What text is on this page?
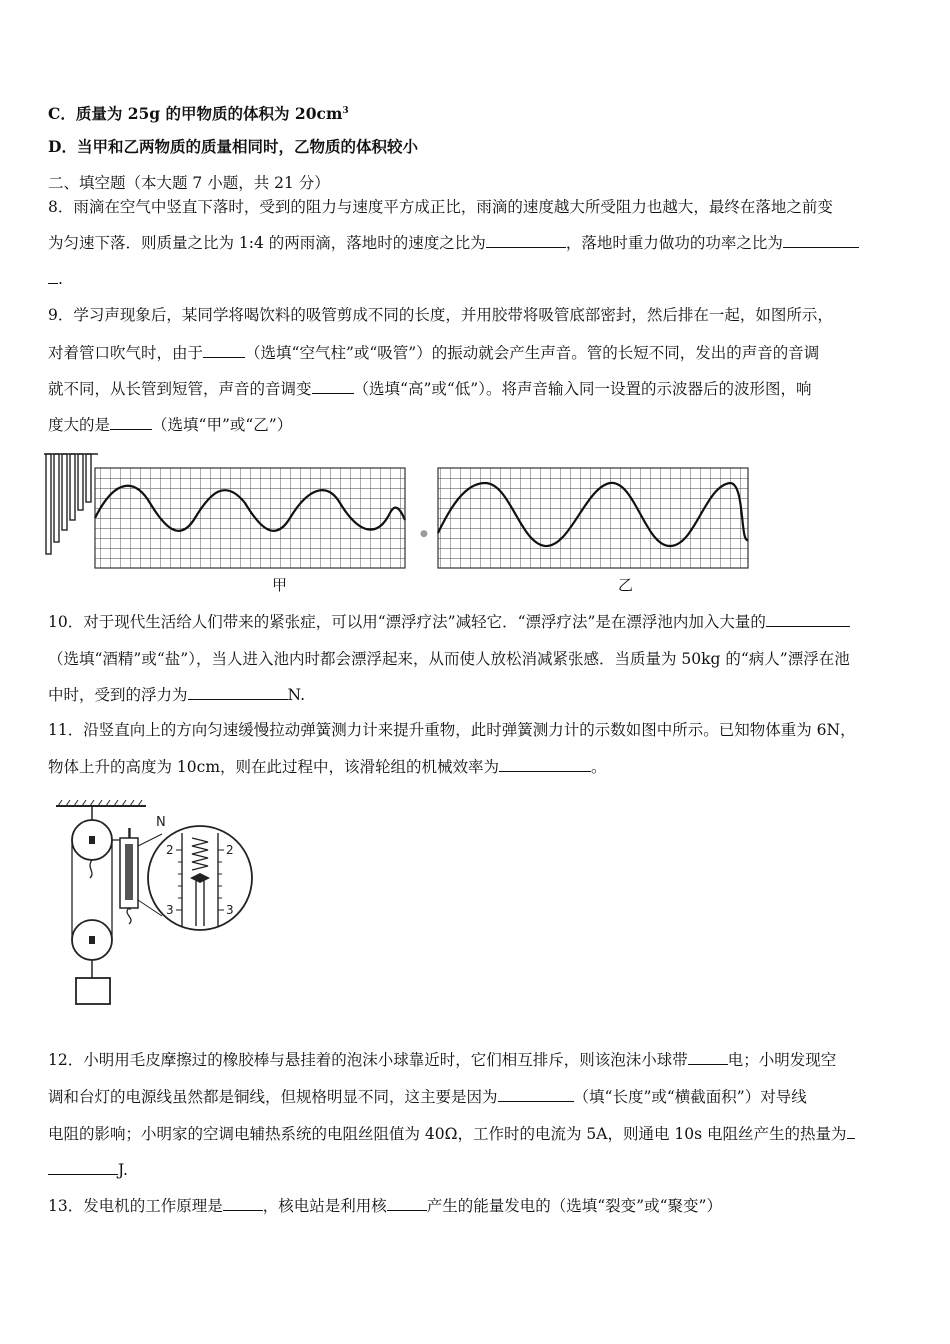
C．质量为 25g 的甲物质的体积为 $20cm^3$
D．当甲和乙两物质的质量相同时，乙物质的体积较小
二、填空题（本大题 7 小题，共 21 分）
8．雨滴在空气中竖直下落时，受到的阻力与速度平方成正比，雨滴的速度越大所受阻力也越大，最终在落地之前变
为匀速下落．则质量之比为 1:4 的两雨滴，落地时的速度之比为	，落地时重力做功的功率之比为
.
9．学习声现象后，某同学将喝饮料的吸管剪成不同的长度，并用胶带将吸管底部密封，然后排在一起，如图所示，
对着管口吹气时，由于	（选填“空气柱”或“吸管”）的振动就会产生声音。管的长短不同，发出的声音的音调
就不同，从长管到短管，声音的音调变	（选填“高”或“低”）。将声音输入同一设置的示波器后的波形图，响
度大的是	（选填“甲”或“乙”）
●
甲	乙
10．对于现代生活给人们带来的紧张症，可以用“漂浮疗法”减轻它．“漂浮疗法”是在漂浮池内加入大量的
（选填“酒精”或“盐”），当人进入池内时都会漂浮起来，从而使人放松消减紧张感．当质量为 50kg 的“病人”漂浮在池
中时，受到的浮力为	N.
11．沿竖直向上的方向匀速缓慢拉动弹簧测力计来提升重物，此时弹簧测力计的示数如图中所示。已知物体重为 6N，
物体上升的高度为 10cm，则在此过程中，该滑轮组的机械效率为	。
N
2	2
3	3
12．小明用毛皮摩擦过的橡胶棒与悬挂着的泡沫小球靠近时，它们相互排斥，则该泡沫小球带	电；小明发现空
调和台灯的电源线虽然都是铜线，但规格明显不同，这主要是因为	（填“长度”或“横截面积”）对导线
电阻的影响；小明家的空调电辅热系统的电阻丝阻值为 40Ω，工作时的电流为 5A，则通电 10s 电阻丝产生的热量为
J.
13．发电机的工作原理是	，核电站是利用核	产生的能量发电的（选填“裂变”或“聚变”）
